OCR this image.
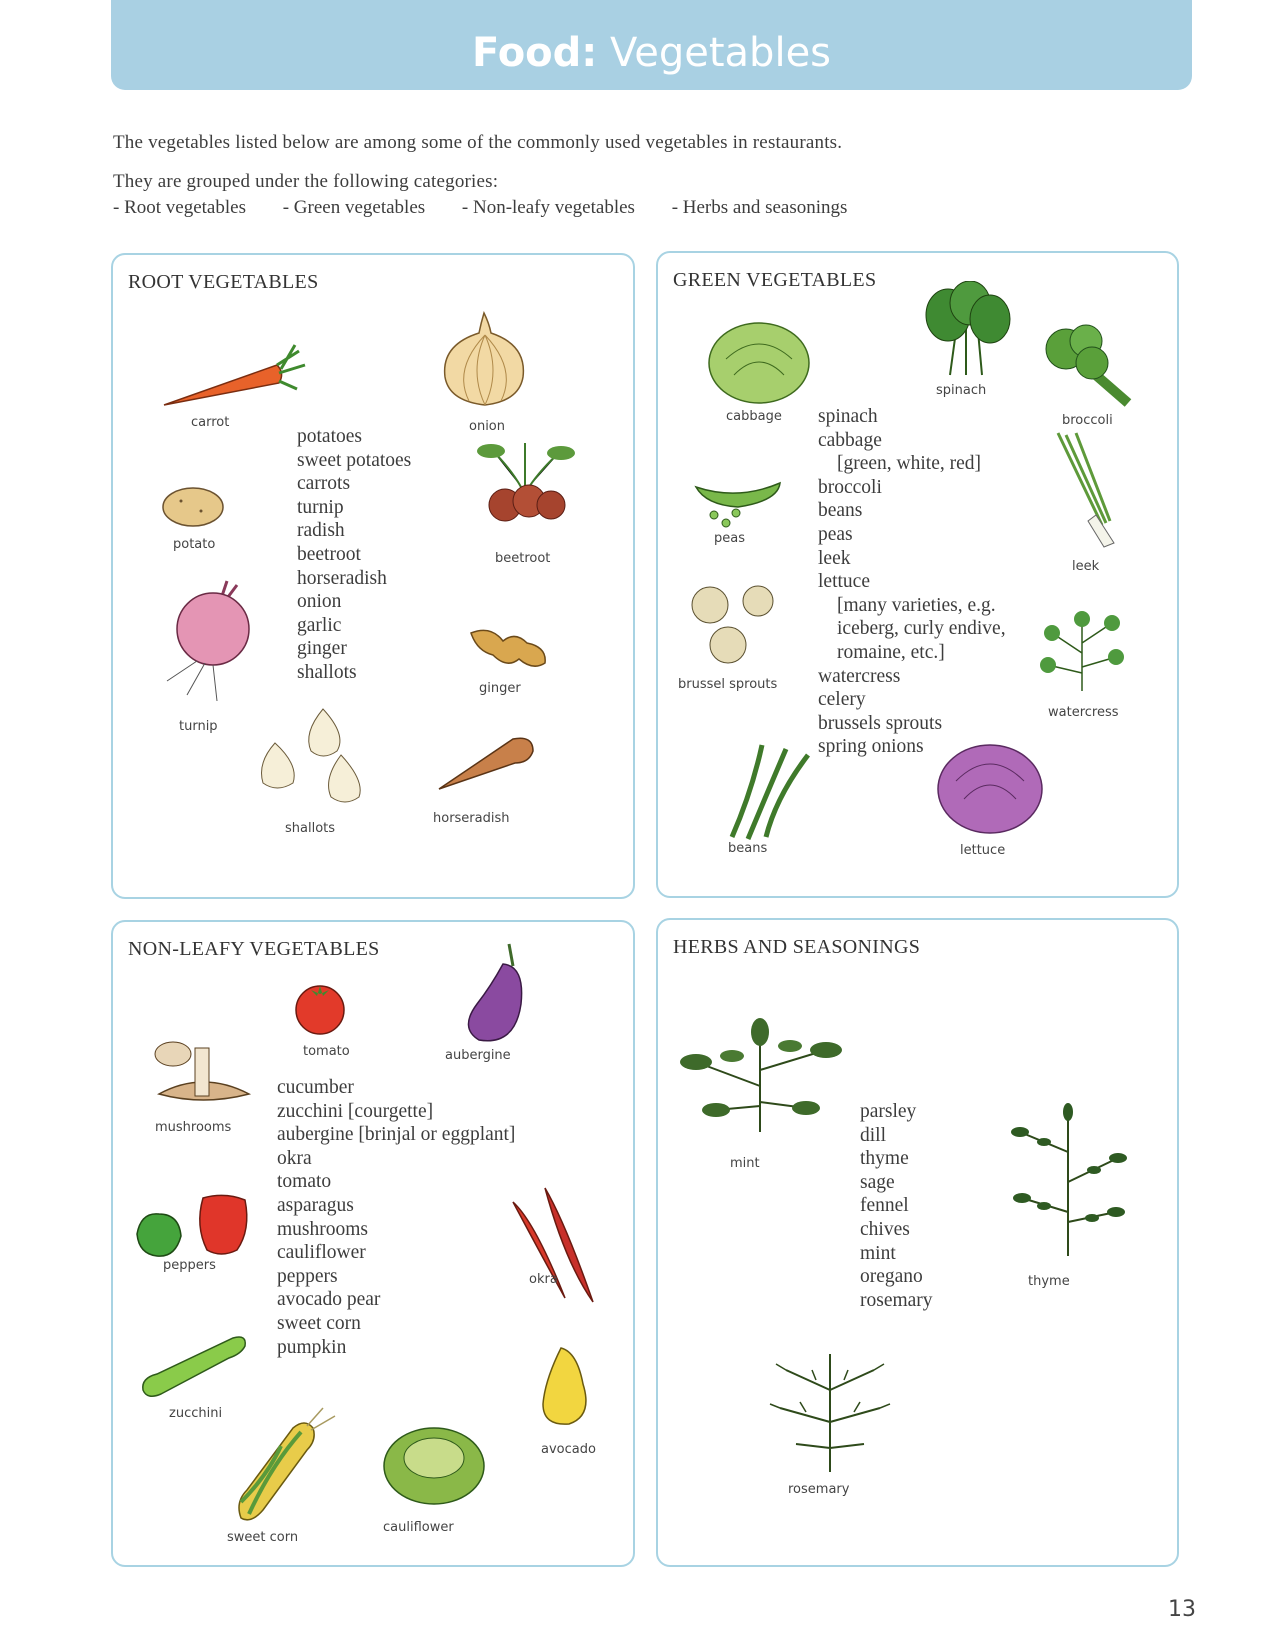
Food: Vegetables
The vegetables listed below are among some of the commonly used vegetables in restaurants.
They are grouped under the following categories:
- Root vegetables - Green vegetables - Non-leafy vegetables - Herbs and seasonings
ROOT VEGETABLES
carrot	onion
potato
beetroot
turnip
ginger
shallots
horseradish
potatoes
sweet potatoes
carrots
turnip
radish
beetroot
horseradish
onion
garlic
ginger
shallots
GREEN VEGETABLES
cabbage
spinach
broccoli
peas
leek
brussel sprouts
watercress
beans	lettuce
spinach
cabbage
[green, white, red]
broccoli
beans
peas
leek
lettuce
[many varieties, e.g.
iceberg, curly endive,
romaine, etc.]
watercress
celery
brussels sprouts
spring onions
NON-LEAFY VEGETABLES
tomato	aubergine
mushrooms
peppers
okra
zucchini
avocado
sweet corn
cauliflower
cucumber
zucchini [courgette]
aubergine [brinjal or eggplant]
okra
tomato
asparagus
mushrooms
cauliflower
peppers
avocado pear
sweet corn
pumpkin
HERBS AND SEASONINGS
mint
thyme
rosemary
parsley
dill
thyme
sage
fennel
chives
mint
oregano
rosemary
13
